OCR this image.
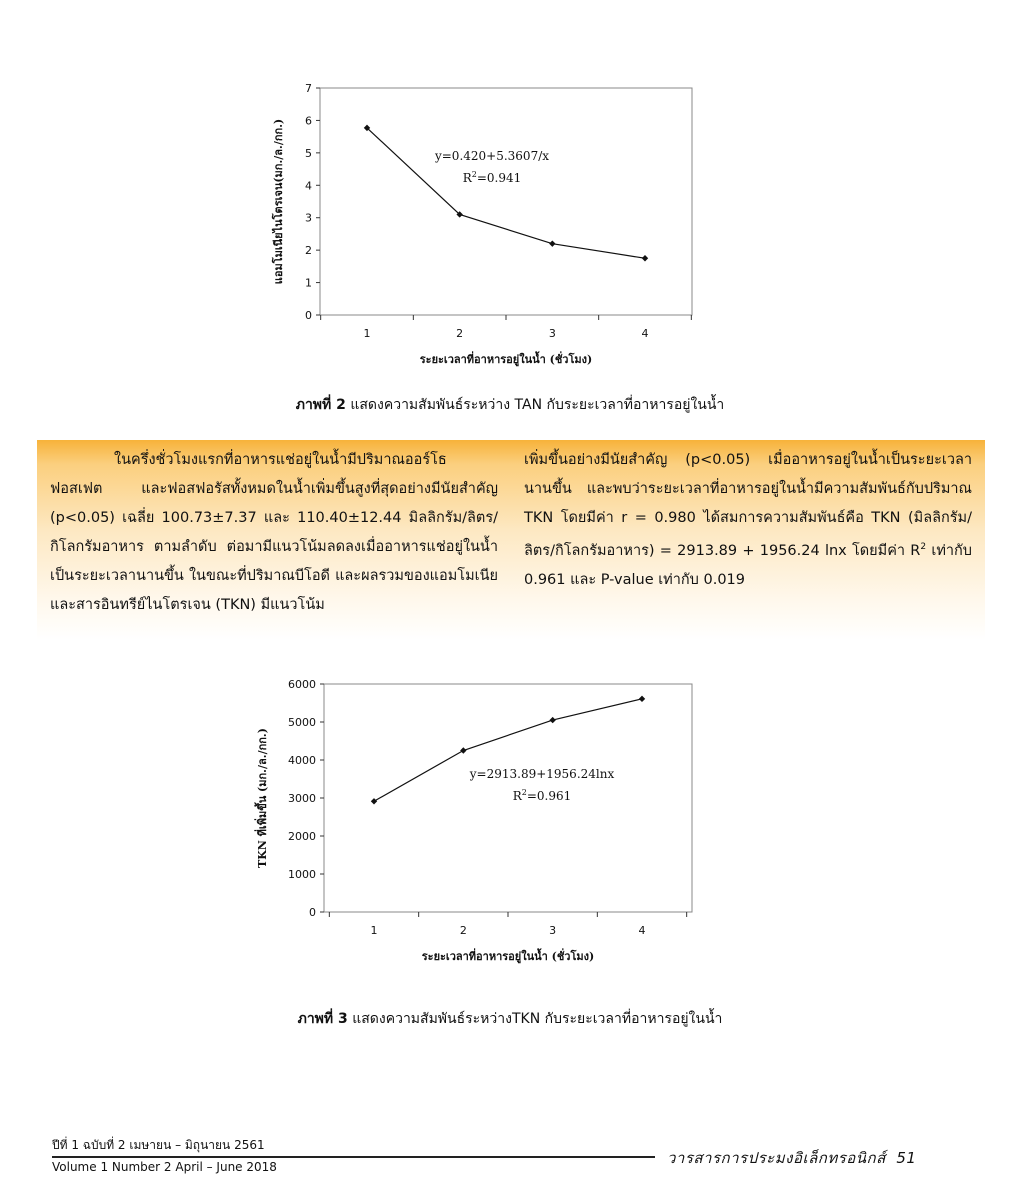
0
1
2
3
4
5
6
7
1	2	3	4
y=0.420+5.3607/x
$R^2=0.941$
ระยะเวลาที่อาหารอยู่ในน้ำ (ชั่วโมง)
แอมโมเนียไนโตรเจน(มก./ล./กก.)
ภาพที่ 2 แสดงความสัมพันธ์ระหว่าง TAN กับระยะเวลาที่อาหารอยู่ในน้ำ

ในครึ่งชั่วโมงแรกที่อาหารแช่อยู่ในน้ำมีปริมาณออร์โธฟอสเฟต และฟอสฟอรัสทั้งหมดในน้ำเพิ่มขึ้นสูงที่สุดอย่างมีนัยสำคัญ (p<0.05) เฉลี่ย 100.73±7.37 และ 110.40±12.44 มิลลิกรัม/ลิตร/กิโลกรัมอาหาร ตามลำดับ ต่อมามีแนวโน้มลดลงเมื่ออาหารแช่อยู่ในน้ำเป็นระยะเวลานานขึ้น ในขณะที่ปริมาณบีโอดี และผลรวมของแอมโมเนียและสารอินทรีย์ไนโตรเจน (TKN) มีแนวโน้ม

เพิ่มขึ้นอย่างมีนัยสำคัญ (p<0.05) เมื่ออาหารอยู่ในน้ำเป็นระยะเวลานานขึ้น และพบว่าระยะเวลาที่อาหารอยู่ในน้ำมีความสัมพันธ์กับปริมาณ TKN โดยมีค่า r = 0.980 ได้สมการความสัมพันธ์คือ TKN (มิลลิกรัม/ลิตร/กิโลกรัมอาหาร) = 2913.89 + 1956.24 lnx โดยมีค่า $R^2$ เท่ากับ 0.961 และ P-value เท่ากับ 0.019

0
1000
2000
3000
4000
5000
6000
1	2	3	4
y=2913.89+1956.24lnx
$R^2=0.961$
ระยะเวลาที่อาหารอยู่ในน้ำ (ชั่วโมง)
TKN ที่เพิ่มขึ้น (มก./ล./กก.)
ภาพที่ 3 แสดงความสัมพันธ์ระหว่างTKN กับระยะเวลาที่อาหารอยู่ในน้ำ
ปีที่ 1 ฉบับที่ 2 เมษายน – มิถุนายน 2561
Volume 1 Number 2 April – June 2018	วารสารการประมงอิเล็กทรอนิกส์ 51
